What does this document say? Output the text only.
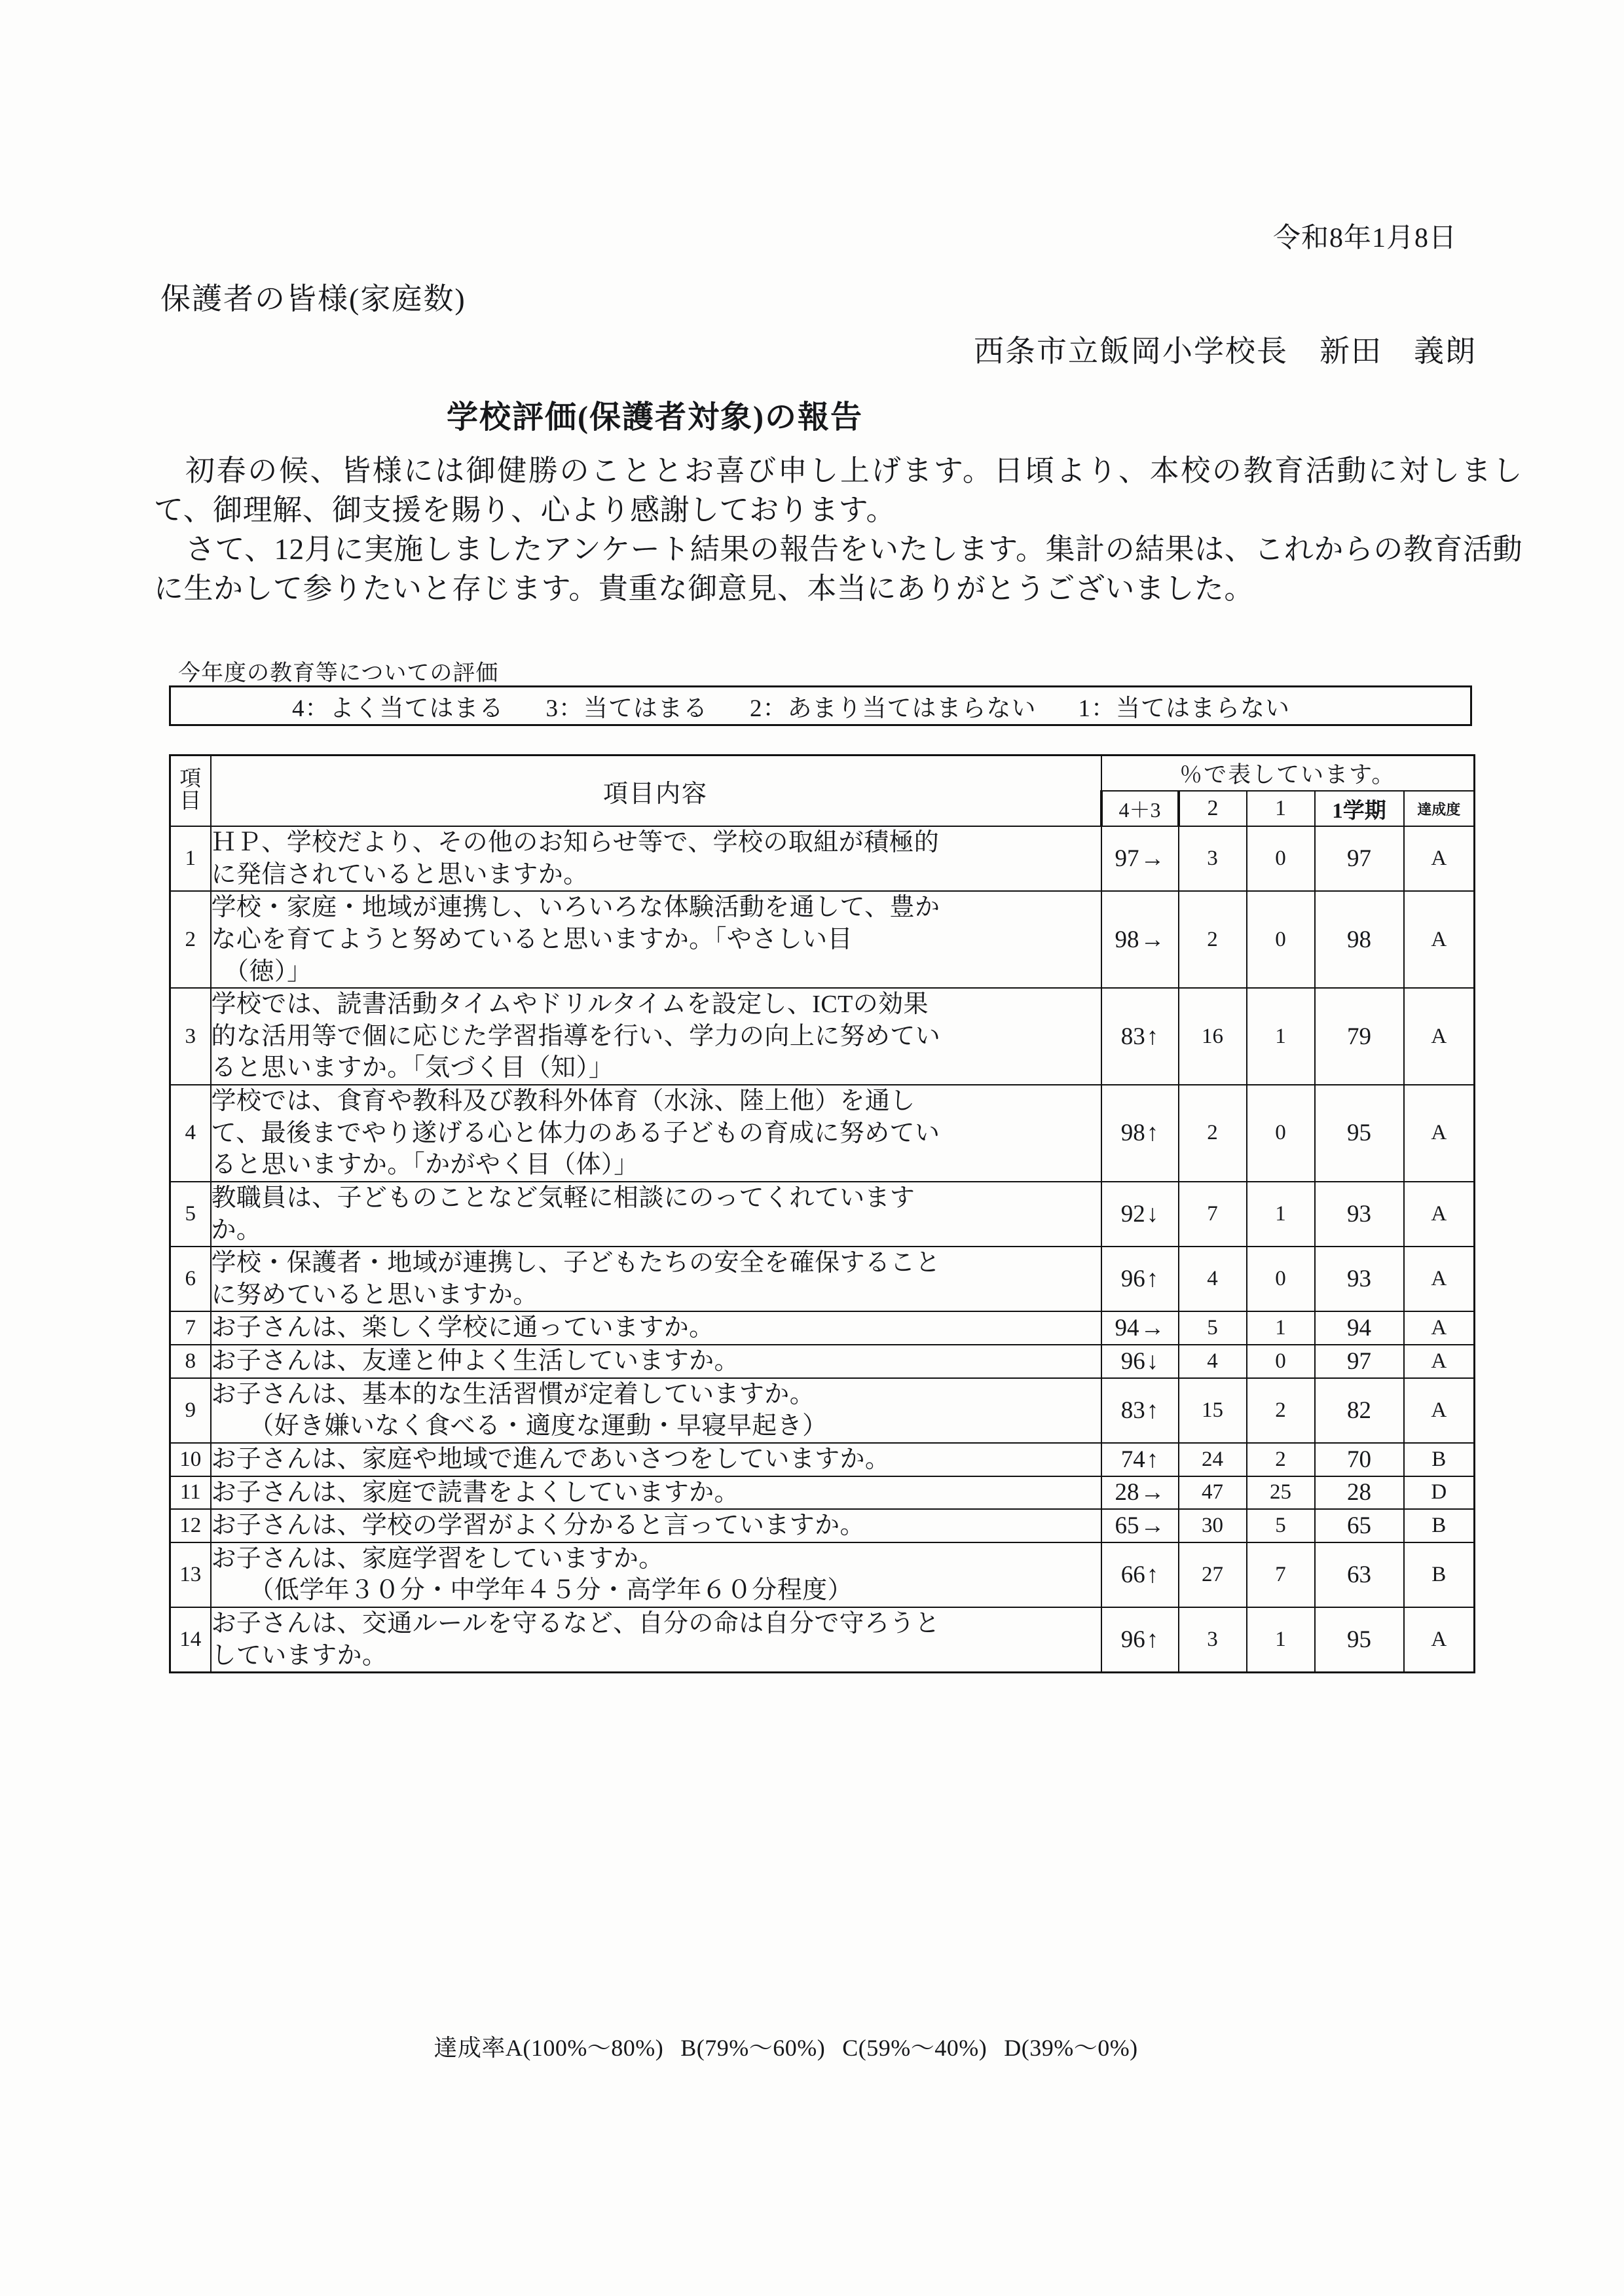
令和8年1月8日
保護者の皆様(家庭数)
西条市立飯岡小学校長　新田　義朗
学校評価(保護者対象)の報告

初春の候、皆様には御健勝のこととお喜び申し上げます。日頃より、本校の教育活動に対しまして、御理解、御支援を賜り、心より感謝しております。

さて、12月に実施しましたアンケート結果の報告をいたします。集計の結果は、これからの教育活動に生かして参りたいと存じます。貴重な御意見、本当にありがとうございました。

今年度の教育等についての評価
4：よく当てはまる 3：当てはまる 2：あまり当てはまらない 1：当てはまらない
項
目	項目内容	％で表しています。				
		4＋3	2	1	1学期	達成度
1	ＨＰ、学校だより、その他のお知らせ等で、学校の取組が積極的
に発信されていると思いますか。	97→	3	0	97	A
2	学校・家庭・地域が連携し、いろいろな体験活動を通して、豊か
な心を育てようと努めていると思いますか。「やさしい目
　（徳）」	98→	2	0	98	A
3	学校では、読書活動タイムやドリルタイムを設定し、ICTの効果
的な活用等で個に応じた学習指導を行い、学力の向上に努めてい
ると思いますか。「気づく目（知）」	83↑	16	1	79	A
4	学校では、食育や教科及び教科外体育（水泳、陸上他）を通し
て、最後までやり遂げる心と体力のある子どもの育成に努めてい
ると思いますか。「かがやく目（体）」	98↑	2	0	95	A
5	教職員は、子どものことなど気軽に相談にのってくれています
か。	92↓	7	1	93	A
6	学校・保護者・地域が連携し、子どもたちの安全を確保すること
に努めていると思いますか。	96↑	4	0	93	A
7	お子さんは、楽しく学校に通っていますか。	94→	5	1	94	A
8	お子さんは、友達と仲よく生活していますか。	96↓	4	0	97	A
9	お子さんは、基本的な生活習慣が定着していますか。
　　（好き嫌いなく食べる・適度な運動・早寝早起き）	83↑	15	2	82	A
10	お子さんは、家庭や地域で進んであいさつをしていますか。	74↑	24	2	70	B
11	お子さんは、家庭で読書をよくしていますか。	28→	47	25	28	D
12	お子さんは、学校の学習がよく分かると言っていますか。	65→	30	5	65	B
13	お子さんは、家庭学習をしていますか。
　　（低学年３０分・中学年４５分・高学年６０分程度）	66↑	27	7	63	B
14	お子さんは、交通ルールを守るなど、自分の命は自分で守ろうと
していますか。	96↑	3	1	95	A
達成率A(100%～80%) B(79%～60%) C(59%～40%) D(39%～0%)
